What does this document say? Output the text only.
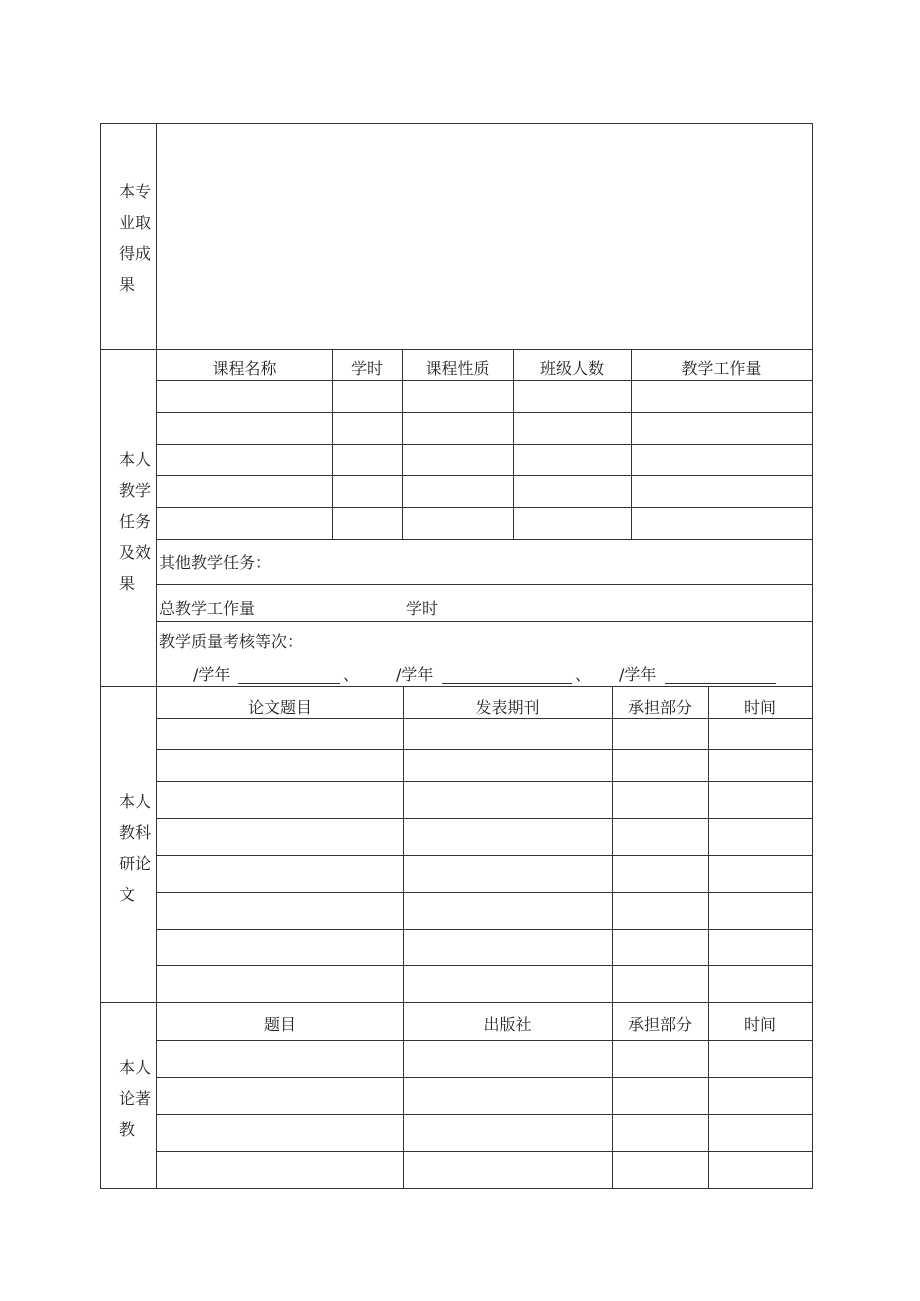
本专业取得成果
本人教学任务及效果
课程名称	学时	课程性质	班级人数	教学工作量
其他教学任务：
总教学工作量	学时
教学质量考核等次：
/学年	、 /学年	、 /学年
本人教科研论文
论文题目	发表期刊	承担部分	时间
本人论著教
题目	出版社	承担部分	时间
